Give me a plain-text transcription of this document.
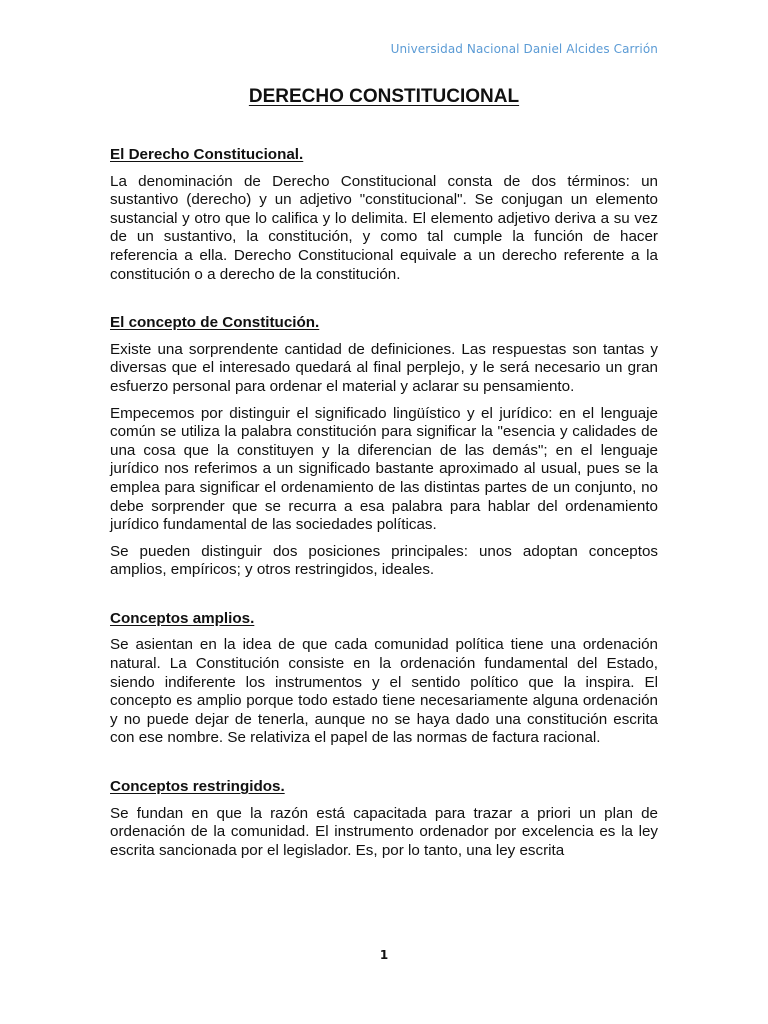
Universidad Nacional Daniel Alcides Carrión
DERECHO CONSTITUCIONAL
El Derecho Constitucional.

La denominación de Derecho Constitucional consta de dos términos: un sustantivo (derecho) y un adjetivo "constitucional". Se conjugan un elemento sustancial y otro que lo califica y lo delimita. El elemento adjetivo deriva a su vez de un sustantivo, la constitución, y como tal cumple la función de hacer referencia a ella. Derecho Constitucional equivale a un derecho referente a la constitución o a derecho de la constitución.

El concepto de Constitución.

Existe una sorprendente cantidad de definiciones. Las respuestas son tantas y diversas que el interesado quedará al final perplejo, y le será necesario un gran esfuerzo personal para ordenar el material y aclarar su pensamiento.

Empecemos por distinguir el significado lingüístico y el jurídico: en el lenguaje común se utiliza la palabra constitución para significar la "esencia y calidades de una cosa que la constituyen y la diferencian de las demás"; en el lenguaje jurídico nos referimos a un significado bastante aproximado al usual, pues se la emplea para significar el ordenamiento de las distintas partes de un conjunto, no debe sorprender que se recurra a esa palabra para hablar del ordenamiento jurídico fundamental de las sociedades políticas.

Se pueden distinguir dos posiciones principales: unos adoptan conceptos amplios, empíricos; y otros restringidos, ideales.

Conceptos amplios.

Se asientan en la idea de que cada comunidad política tiene una ordenación natural. La Constitución consiste en la ordenación fundamental del Estado, siendo indiferente los instrumentos y el sentido político que la inspira. El concepto es amplio porque todo estado tiene necesariamente alguna ordenación y no puede dejar de tenerla, aunque no se haya dado una constitución escrita con ese nombre. Se relativiza el papel de las normas de factura racional.

Conceptos restringidos.

Se fundan en que la razón está capacitada para trazar a priori un plan de ordenación de la comunidad. El instrumento ordenador por excelencia es la ley escrita sancionada por el legislador. Es, por lo tanto, una ley escrita

1
